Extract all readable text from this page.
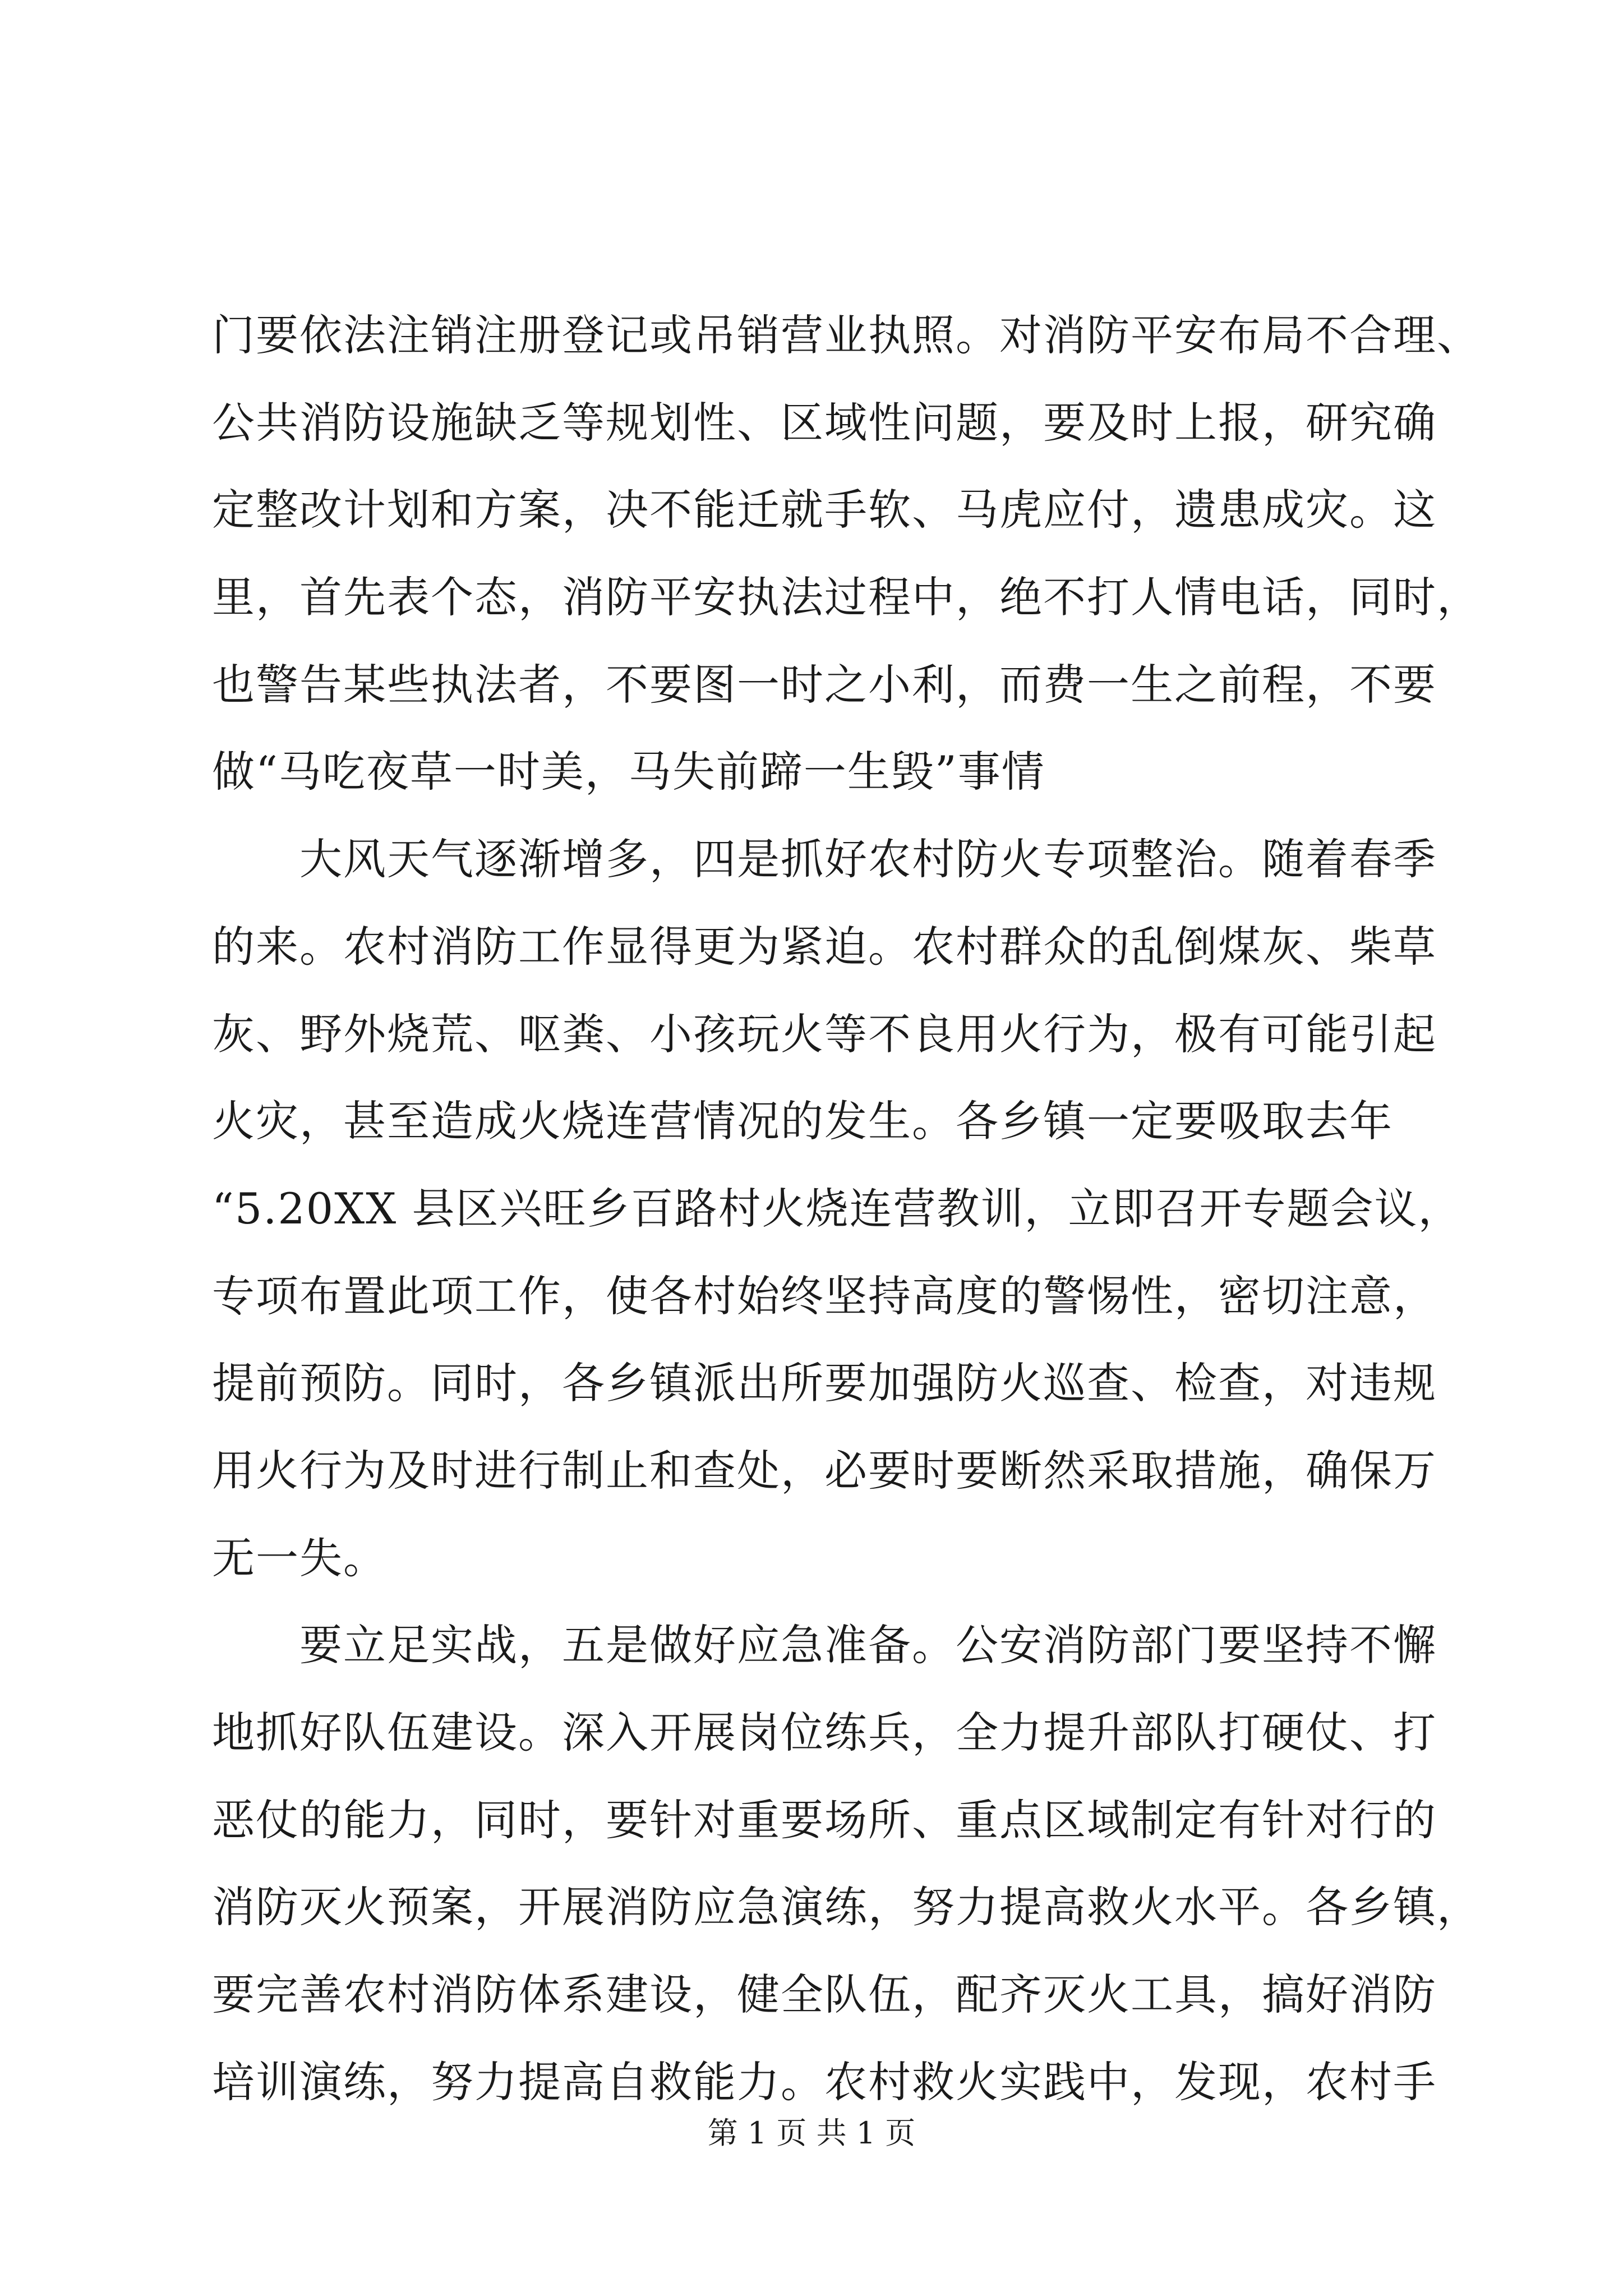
门要依法注销注册登记或吊销营业执照。对消防平安布局不合理、
公共消防设施缺乏等规划性、区域性问题，要及时上报，研究确
定整改计划和方案，决不能迁就手软、马虎应付，遗患成灾。这
里，首先表个态，消防平安执法过程中，绝不打人情电话，同时，
也警告某些执法者，不要图一时之小利，而费一生之前程，不要
做“马吃夜草一时美，马失前蹄一生毁”事情
　　大风天气逐渐增多，四是抓好农村防火专项整治。随着春季
的来。农村消防工作显得更为紧迫。农村群众的乱倒煤灰、柴草
灰、野外烧荒、呕粪、小孩玩火等不良用火行为，极有可能引起
火灾，甚至造成火烧连营情况的发生。各乡镇一定要吸取去年
“5.20XX 县区兴旺乡百路村火烧连营教训，立即召开专题会议，
专项布置此项工作，使各村始终坚持高度的警惕性，密切注意，
提前预防。同时，各乡镇派出所要加强防火巡查、检查，对违规
用火行为及时进行制止和查处，必要时要断然采取措施，确保万
无一失。
　　要立足实战，五是做好应急准备。公安消防部门要坚持不懈
地抓好队伍建设。深入开展岗位练兵，全力提升部队打硬仗、打
恶仗的能力，同时，要针对重要场所、重点区域制定有针对行的
消防灭火预案，开展消防应急演练，努力提高救火水平。各乡镇，
要完善农村消防体系建设，健全队伍，配齐灭火工具，搞好消防
培训演练，努力提高自救能力。农村救火实践中，发现，农村手
第 1 页 共 1 页
